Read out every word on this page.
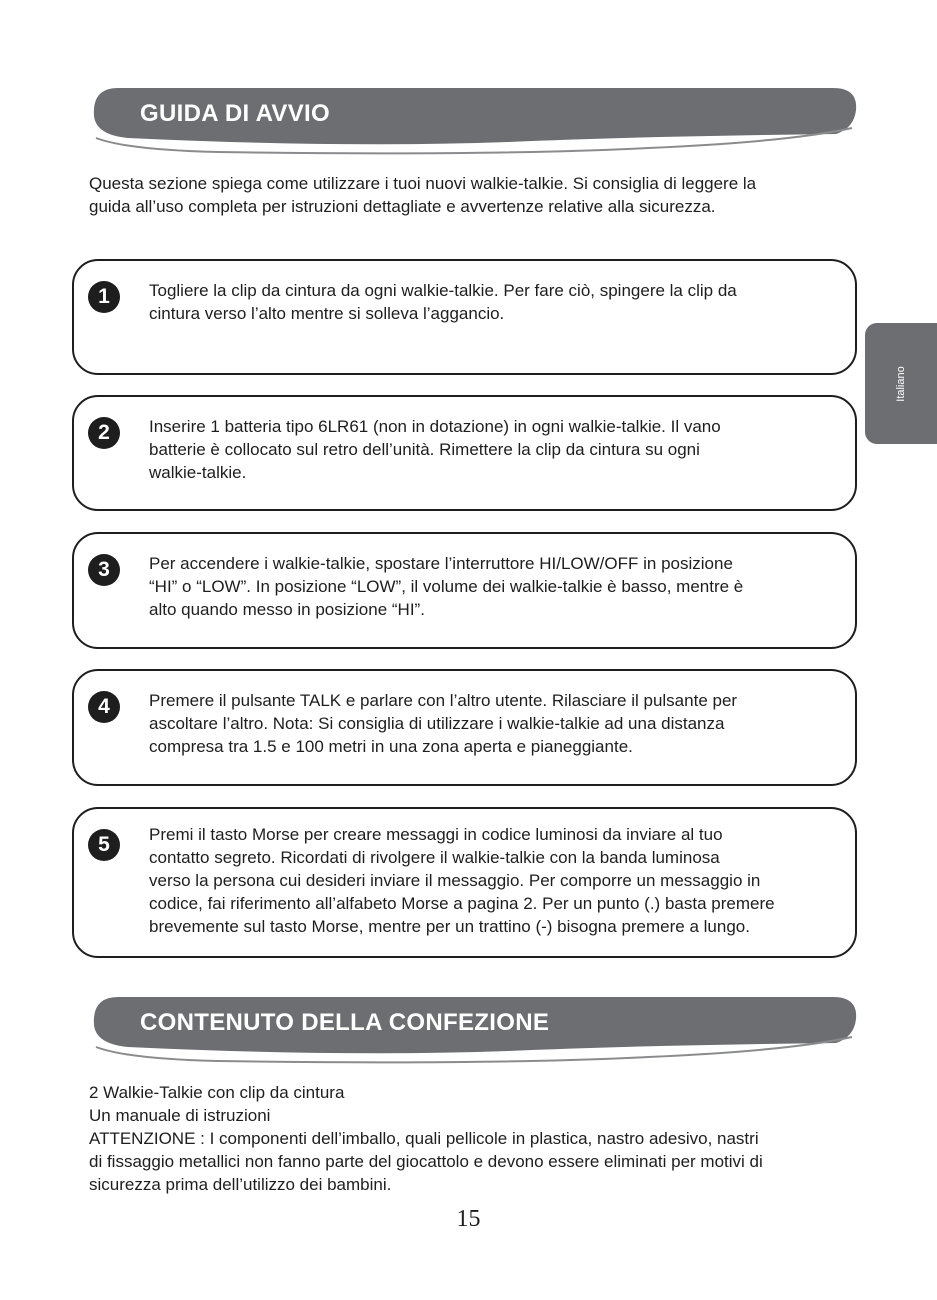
GUIDA DI AVVIO
Questa sezione spiega come utilizzare i tuoi nuovi walkie-talkie. Si consiglia di leggere la
guida all’uso completa per istruzioni dettagliate e avvertenze relative alla sicurezza.
1	Togliere la clip da cintura da ogni walkie-talkie. Per fare ciò, spingere la clip da
cintura verso l’alto mentre si solleva l’aggancio.
2	Inserire 1 batteria tipo 6LR61 (non in dotazione) in ogni walkie-talkie. Il vano
batterie è collocato sul retro dell’unità. Rimettere la clip da cintura su ogni
walkie-talkie.
3	Per accendere i walkie-talkie, spostare l’interruttore HI/LOW/OFF in posizione
“HI” o “LOW”. In posizione “LOW”, il volume dei walkie-talkie è basso, mentre è
alto quando messo in posizione “HI”.
4	Premere il pulsante TALK e parlare con l’altro utente. Rilasciare il pulsante per
ascoltare l’altro. Nota: Si consiglia di utilizzare i walkie-talkie ad una distanza
compresa tra 1.5 e 100 metri in una zona aperta e pianeggiante.
5	Premi il tasto Morse per creare messaggi in codice luminosi da inviare al tuo
contatto segreto. Ricordati di rivolgere il walkie-talkie con la banda luminosa
verso la persona cui desideri inviare il messaggio. Per comporre un messaggio in
codice, fai riferimento all’alfabeto Morse a pagina 2. Per un punto (.) basta premere
brevemente sul tasto Morse, mentre per un trattino (-) bisogna premere a lungo.
CONTENUTO DELLA CONFEZIONE
2 Walkie-Talkie con clip da cintura
Un manuale di istruzioni
ATTENZIONE : I componenti dell’imballo, quali pellicole in plastica, nastro adesivo, nastri
di fissaggio metallici non fanno parte del giocattolo e devono essere eliminati per motivi di
sicurezza prima dell’utilizzo dei bambini.
Italiano
15
